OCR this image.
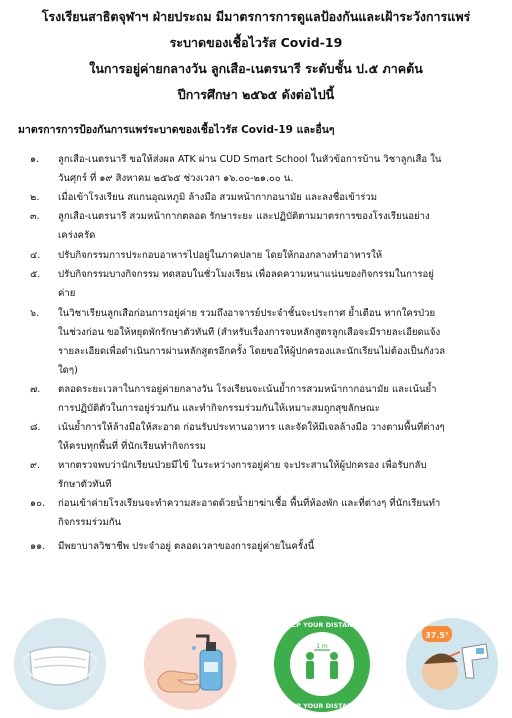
โรงเรียนสาธิตจุฬาฯ ฝ่ายประถม มีมาตรการการดูแลป้องกันและเฝ้าระวังการแพร่
ระบาดของเชื้อไวรัส Covid-19
ในการอยู่ค่ายกลางวัน ลูกเสือ-เนตรนารี ระดับชั้น ป.๕ ภาคต้น
ปีการศึกษา ๒๕๖๕ ดังต่อไปนี้
มาตรการการป้องกันการแพร่ระบาดของเชื้อไวรัส Covid-19 และอื่นๆ
๑.	ลูกเสือ-เนตรนารี ขอให้ส่งผล ATK ผ่าน CUD Smart School ในหัวข้อการบ้าน วิชาลูกเสือ ใน
วันศุกร์ ที่ ๑๙ สิงหาคม ๒๕๖๕ ช่วงเวลา ๑๖.๐๐-๒๑.๐๐ น.
๒.	เมื่อเข้าโรงเรียน สแกนอุณหภูมิ ล้างมือ สวมหน้ากากอนามัย และลงชื่อเข้าร่วม
๓.	ลูกเสือ-เนตรนารี สวมหน้ากากตลอด รักษาระยะ และปฏิบัติตามมาตรการของโรงเรียนอย่าง
เคร่งครัด
๔.	ปรับกิจกรรมการประกอบอาหารไปอยู่ในภาคปลาย โดยให้กองกลางทำอาหารให้
๕.	ปรับกิจกรรมบางกิจกรรม ทดสอบในชั่วโมงเรียน เพื่อลดความหนาแน่นของกิจกรรมในการอยู่
ค่าย
๖.	ในวิชาเรียนลูกเสือก่อนการอยู่ค่าย รวมถึงอาจารย์ประจำชั้นจะประกาศ ย้ำเตือน หากใครป่วย
ในช่วงก่อน ขอให้หยุดพักรักษาตัวทันที (สำหรับเรื่องการจบหลักสูตรลูกเสือจะมีรายละเอียดแจ้ง
รายละเอียดเพื่อดำเนินการผ่านหลักสูตรอีกครั้ง โดยขอให้ผู้ปกครองและนักเรียนไม่ต้องเป็นกังวล
ใดๆ)
๗.	ตลอดระยะเวลาในการอยู่ค่ายกลางวัน โรงเรียนจะเน้นย้ำการสวมหน้ากากอนามัย และเน้นย้ำ
การปฏิบัติตัวในการอยู่ร่วมกัน และทำกิจกรรมร่วมกันให้เหมาะสมถูกสุขลักษณะ
๘.	เน้นย้ำการให้ล้างมือให้สะอาด ก่อนรับประทานอาหาร และจัดให้มีเจลล้างมือ วางตามพื้นที่ต่างๆ
ให้ครบทุกพื้นที่ ที่นักเรียนทำกิจกรรม
๙.	หากตรวจพบว่านักเรียนป่วยมีไข้ ในระหว่างการอยู่ค่าย จะประสานให้ผู้ปกครอง เพื่อรับกลับ
รักษาตัวทันที
๑๐.	ก่อนเข้าค่ายโรงเรียนจะทำความสะอาดด้วยน้ำยาฆ่าเชื้อ พื้นที่ห้องพัก และที่ต่างๆ ที่นักเรียนทำ
กิจกรรมร่วมกัน
๑๑.	มีพยาบาลวิชาชีพ ประจำอยู่ ตลอดเวลาของการอยู่ค่ายในครั้งนี้
1 m
KEEP YOUR DISTANCE
KEEP YOUR DISTANCE
37.5°
